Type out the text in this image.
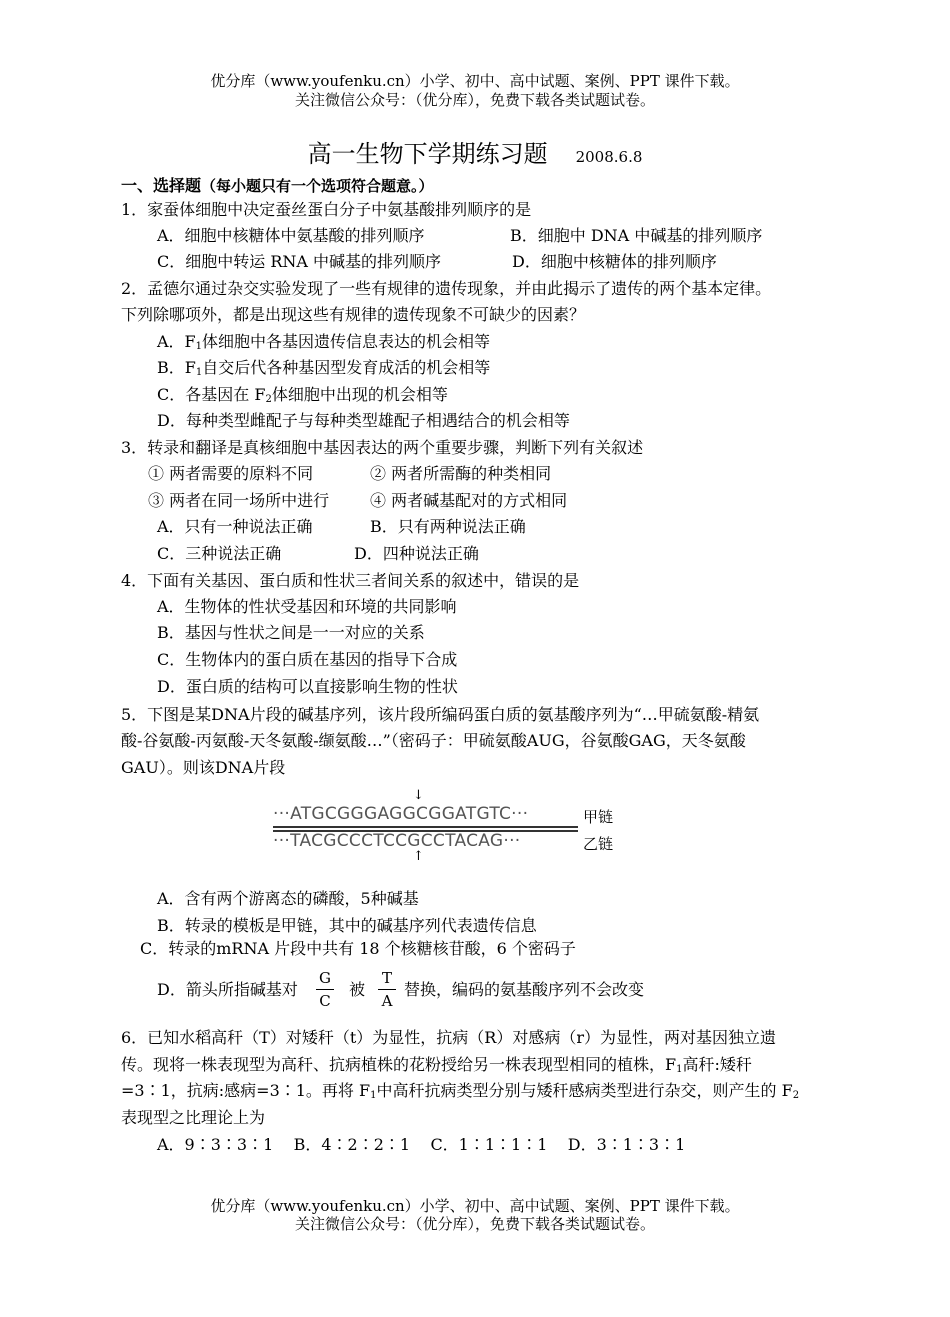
优分库（www.youfenku.cn）小学、初中、高中试题、案例、PPT 课件下载。
关注微信公众号：（优分库），免费下载各类试题试卷。
高一生物下学期练习题 2008.6.8
一、选择题（每小题只有一个选项符合题意。）
1．家蚕体细胞中决定蚕丝蛋白分子中氨基酸排列顺序的是
A．细胞中核糖体中氨基酸的排列顺序	B．细胞中 DNA 中碱基的排列顺序
C．细胞中转运 RNA 中碱基的排列顺序	D．细胞中核糖体的排列顺序
2．孟德尔通过杂交实验发现了一些有规律的遗传现象，并由此揭示了遗传的两个基本定律。
下列除哪项外，都是出现这些有规律的遗传现象不可缺少的因素？
A．$F_1$体细胞中各基因遗传信息表达的机会相等
B．$F_1$自交后代各种基因型发育成活的机会相等
C．各基因在 $F_2$体细胞中出现的机会相等
D．每种类型雌配子与每种类型雄配子相遇结合的机会相等
3．转录和翻译是真核细胞中基因表达的两个重要步骤，判断下列有关叙述
① 两者需要的原料不同	② 两者所需酶的种类相同
③ 两者在同一场所中进行	④ 两者碱基配对的方式相同
A．只有一种说法正确	B．只有两种说法正确
C．三种说法正确	D．四种说法正确
4．下面有关基因、蛋白质和性状三者间关系的叙述中，错误的是
A．生物体的性状受基因和环境的共同影响
B．基因与性状之间是一一对应的关系
C．生物体内的蛋白质在基因的指导下合成
D．蛋白质的结构可以直接影响生物的性状
5．下图是某DNA片段的碱基序列，该片段所编码蛋白质的氨基酸序列为“…甲硫氨酸-精氨
酸-谷氨酸-丙氨酸-天冬氨酸-缬氨酸…”（密码子：甲硫氨酸AUG，谷氨酸GAG，天冬氨酸
GAU）。则该DNA片段
↓
···ATGCGGGAGGCGGATGTC···	甲链
···TACGCCCTCCGCCTACAG···	乙链
↑
A．含有两个游离态的磷酸，5种碱基
B．转录的模板是甲链，其中的碱基序列代表遗传信息
C．转录的mRNA 片段中共有 18 个核糖核苷酸，6 个密码子
D．箭头所指碱基对
G
C
被
T
A
替换，编码的氨基酸序列不会改变
6．已知水稻高秆（T）对矮秆（t）为显性，抗病（R）对感病（r）为显性，两对基因独立遗
传。现将一株表现型为高秆、抗病植株的花粉授给另一株表现型相同的植株，$F_1$高秆:矮秆
=3∶1，抗病:感病=3∶1。再将 $F_1$中高秆抗病类型分别与矮秆感病类型进行杂交，则产生的 $F_2$
表现型之比理论上为
A．9∶3∶3∶1    B．4∶2∶2∶1    C．1∶1∶1∶1    D．3∶1∶3∶1
优分库（www.youfenku.cn）小学、初中、高中试题、案例、PPT 课件下载。
关注微信公众号：（优分库），免费下载各类试题试卷。
